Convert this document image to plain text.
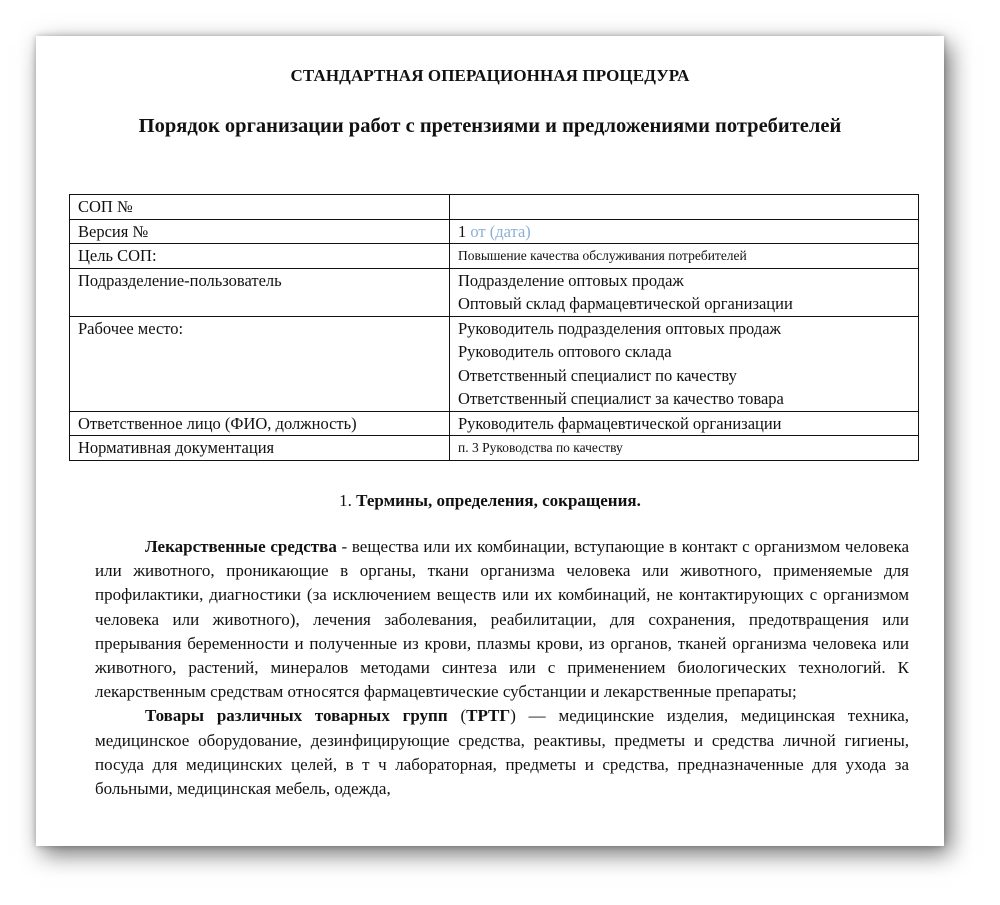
СТАНДАРТНАЯ ОПЕРАЦИОННАЯ ПРОЦЕДУРА
Порядок организации работ с претензиями и предложениями потребителей
СОП №	
Версия №	1 от (дата)
Цель СОП:	Повышение качества обслуживания потребителей
Подразделение-пользователь	Подразделение оптовых продаж
Оптовый склад фармацевтической организации

Рабочее место:	Руководитель подразделения оптовых продаж
Руководитель оптового склада
Ответственный специалист по качеству
Ответственный специалист за качество товара

Ответственное лицо (ФИО, должность)	Руководитель фармацевтической организации
Нормативная документация	п. 3 Руководства по качеству
1. Термины, определения, сокращения.

Лекарственные средства - вещества или их комбинации, вступающие в контакт с организмом человека или животного, проникающие в органы, ткани организма человека или животного, применяемые для профилактики, диагностики (за исключением веществ или их комбинаций, не контактирующих с организмом человека или животного), лечения заболевания, реабилитации, для сохранения, предотвращения или прерывания беременности и полученные из крови, плазмы крови, из органов, тканей организма человека или животного, растений, минералов методами синтеза или с применением биологических технологий. К лекарственным средствам относятся фармацевтические субстанции и лекарственные препараты;

Товары различных товарных групп (ТРТГ) — медицинские изделия, медицинская техника, медицинское оборудование, дезинфицирующие средства, реактивы, предметы и средства личной гигиены, посуда для медицинских целей, в т ч лабораторная, предметы и средства, предназначенные для ухода за больными, медицинская мебель, одежда,
